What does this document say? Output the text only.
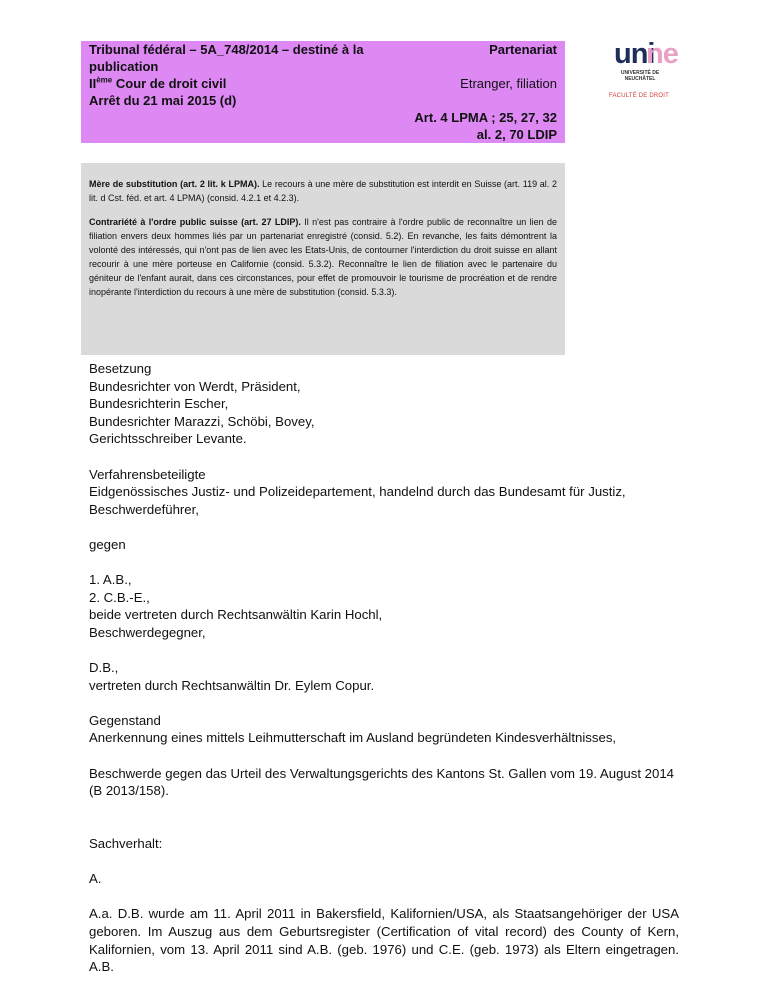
Tribunal fédéral – 5A_748/2014 – destiné à la publication
IIème Cour de droit civil
Arrêt du 21 mai 2015 (d)
Partenariat
Etranger, filiation
Art. 4 LPMA ; 25, 27, 32
al. 2, 70 LDIP
uni
ne
UNIVERSITÉ DE
NEUCHÂTEL
FACULTÉ DE DROIT

Mère de substitution (art. 2 lit. k LPMA). Le recours à une mère de substitution est interdit en Suisse (art. 119 al. 2 lit. d Cst. féd. et art. 4 LPMA) (consid. 4.2.1 et 4.2.3).

Contrariété à l'ordre public suisse (art. 27 LDIP). Il n'est pas contraire à l'ordre public de reconnaître un lien de filiation envers deux hommes liés par un partenariat enregistré (consid. 5.2). En revanche, les faits démontrent la volonté des intéressés, qui n'ont pas de lien avec les Etats-Unis, de contourner l'interdiction du droit suisse en allant recourir à une mère porteuse en Californie (consid. 5.3.2). Reconnaître le lien de filiation avec le partenaire du géniteur de l'enfant aurait, dans ces circonstances, pour effet de promouvoir le tourisme de procréation et de rendre inopérante l'interdiction du recours à une mère de substitution (consid. 5.3.3).

Besetzung
Bundesrichter von Werdt, Präsident,
Bundesrichterin Escher,
Bundesrichter Marazzi, Schöbi, Bovey,
Gerichtsschreiber Levante.
Verfahrensbeteiligte
Eidgenössisches Justiz- und Polizeidepartement, handelnd durch das Bundesamt für Justiz,
Beschwerdeführer,
gegen
1. A.B.,
2. C.B.-E.,
beide vertreten durch Rechtsanwältin Karin Hochl,
Beschwerdegegner,
D.B.,
vertreten durch Rechtsanwältin Dr. Eylem Copur.
Gegenstand
Anerkennung eines mittels Leihmutterschaft im Ausland begründeten Kindesverhältnisses,
Beschwerde gegen das Urteil des Verwaltungsgerichts des Kantons St. Gallen vom 19. August 2014 (B 2013/158).
Sachverhalt:
A.
A.a. D.B. wurde am 11. April 2011 in Bakersfield, Kalifornien/USA, als Staatsangehöriger der USA geboren. Im Auszug aus dem Geburtsregister (Certification of vital record) des County of Kern, Kalifornien, vom 13. April 2011 sind A.B. (geb. 1976) und C.E. (geb. 1973) als Eltern eingetragen. A.B.
